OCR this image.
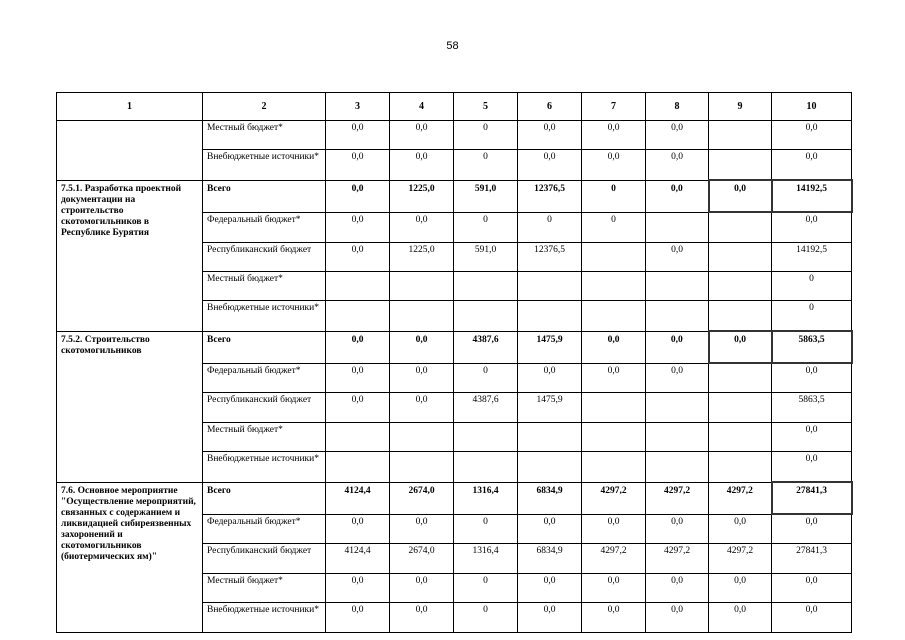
58
1	2	3	4	5	6	7	8	9	10
	Местный бюджет*	0,0	0,0	0	0,0	0,0	0,0		0,0
	Внебюджетные источники*	0,0	0,0	0	0,0	0,0	0,0		0,0
7.5.1. Разработка проектной документации на строительство скотомогильников в Республике Бурятия	Всего	0,0	1225,0	591,0	12376,5	0	0,0	0,0	14192,5
	Федеральный бюджет*	0,0	0,0	0	0	0			0,0
	Республиканский бюджет	0,0	1225,0	591,0	12376,5		0,0		14192,5
	Местный бюджет*								0
	Внебюджетные источники*								0
7.5.2. Строительство скотомогильников	Всего	0,0	0,0	4387,6	1475,9	0,0	0,0	0,0	5863,5
	Федеральный бюджет*	0,0	0,0	0	0,0	0,0	0,0		0,0
	Республиканский бюджет	0,0	0,0	4387,6	1475,9				5863,5
	Местный бюджет*								0,0
	Внебюджетные источники*								0,0
7.6. Основное мероприятие "Осуществление мероприятий, связанных с содержанием и ликвидацией сибиреязвенных захоронений и скотомогильников (биотермических ям)"	Всего	4124,4	2674,0	1316,4	6834,9	4297,2	4297,2	4297,2	27841,3
	Федеральный бюджет*	0,0	0,0	0	0,0	0,0	0,0	0,0	0,0
	Республиканский бюджет	4124,4	2674,0	1316,4	6834,9	4297,2	4297,2	4297,2	27841,3
	Местный бюджет*	0,0	0,0	0	0,0	0,0	0,0	0,0	0,0
	Внебюджетные источники*	0,0	0,0	0	0,0	0,0	0,0	0,0	0,0
